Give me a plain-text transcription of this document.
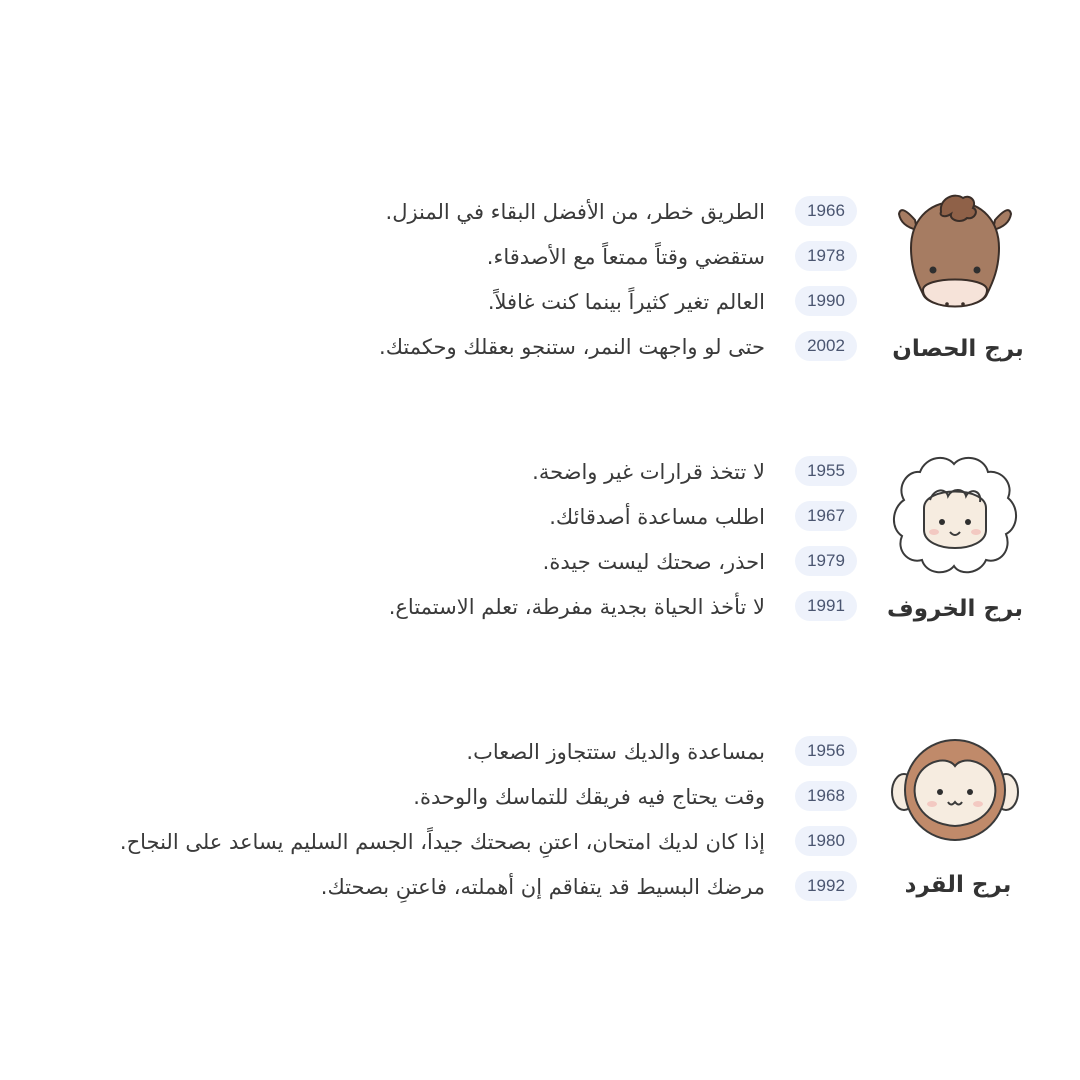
برج الحصان
1966
الطريق خطر، من الأفضل البقاء في المنزل.
1978
ستقضي وقتاً ممتعاً مع الأصدقاء.
1990
العالم تغير كثيراً بينما كنت غافلاً.
2002
حتى لو واجهت النمر، ستنجو بعقلك وحكمتك.
برج الخروف
1955
لا تتخذ قرارات غير واضحة.
1967
اطلب مساعدة أصدقائك.
1979
احذر، صحتك ليست جيدة.
1991
لا تأخذ الحياة بجدية مفرطة، تعلم الاستمتاع.
برج القرد
1956
بمساعدة والديك ستتجاوز الصعاب.
1968
وقت يحتاج فيه فريقك للتماسك والوحدة.
1980
إذا كان لديك امتحان، اعتنِ بصحتك جيداً، الجسم السليم يساعد على النجاح.
1992
مرضك البسيط قد يتفاقم إن أهملته، فاعتنِ بصحتك.
